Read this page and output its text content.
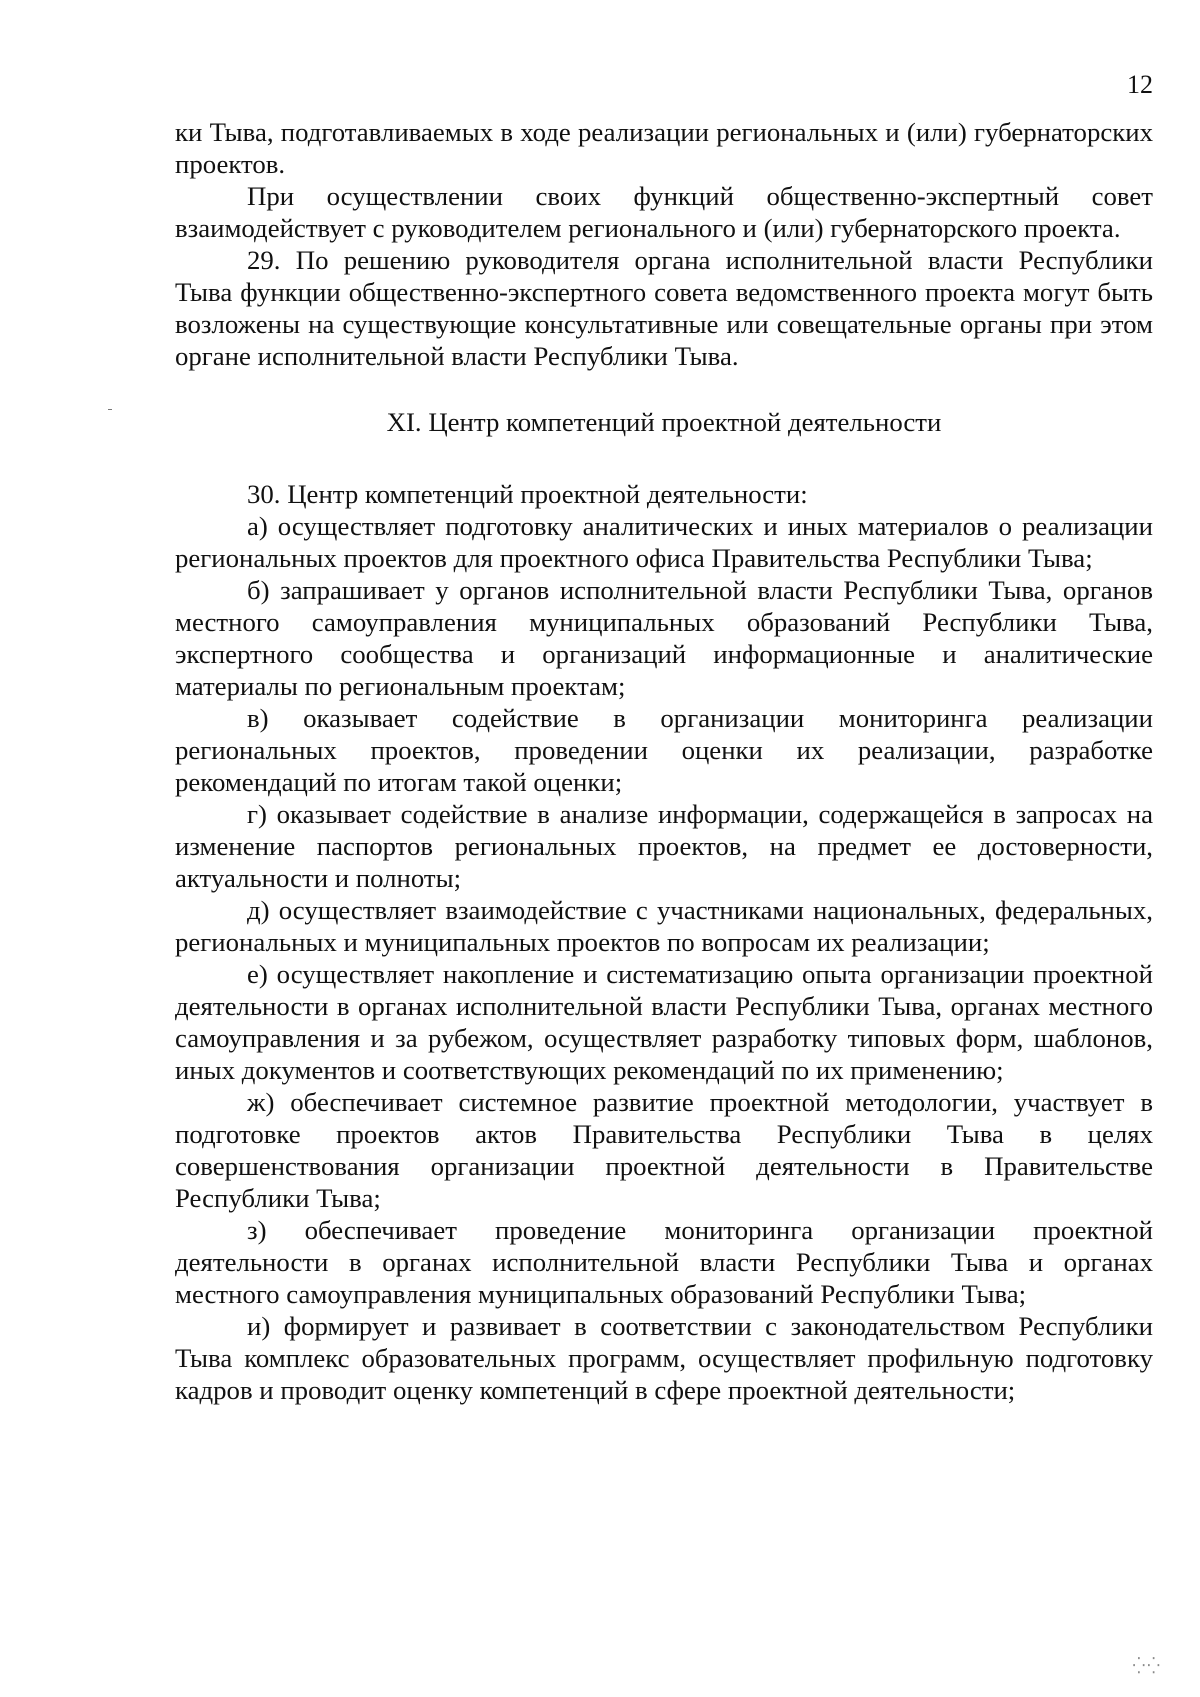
12

ки Тыва, подготавливаемых в ходе реализации региональных и (или) губернаторских проектов.

При осуществлении своих функций общественно-экспертный совет взаимодействует с руководителем регионального и (или) губернаторского проекта.

29. По решению руководителя органа исполнительной власти Республики Тыва функции общественно-экспертного совета ведомственного проекта могут быть возложены на существующие консультативные или совещательные органы при этом органе исполнительной власти Республики Тыва.

XI. Центр компетенций проектной деятельности

30. Центр компетенций проектной деятельности:

а) осуществляет подготовку аналитических и иных материалов о реализации региональных проектов для проектного офиса Правительства Республики Тыва;

б) запрашивает у органов исполнительной власти Республики Тыва, органов местного самоуправления муниципальных образований Республики Тыва, экспертного сообщества и организаций информационные и аналитические материалы по региональным проектам;

в) оказывает содействие в организации мониторинга реализации региональных проектов, проведении оценки их реализации, разработке рекомендаций по итогам такой оценки;

г) оказывает содействие в анализе информации, содержащейся в запросах на изменение паспортов региональных проектов, на предмет ее достоверности, актуальности и полноты;

д) осуществляет взаимодействие с участниками национальных, федеральных, региональных и муниципальных проектов по вопросам их реализации;

е) осуществляет накопление и систематизацию опыта организации проектной деятельности в органах исполнительной власти Республики Тыва, органах местного самоуправления и за рубежом, осуществляет разработку типовых форм, шаблонов, иных документов и соответствующих рекомендаций по их применению;

ж) обеспечивает системное развитие проектной методологии, участвует в подготовке проектов актов Правительства Республики Тыва в целях совершенствования организации проектной деятельности в Правительстве Республики Тыва;

з) обеспечивает проведение мониторинга организации проектной деятельности в органах исполнительной власти Республики Тыва и органах местного самоуправления муниципальных образований Республики Тыва;

и) формирует и развивает в соответствии с законодательством Республики Тыва комплекс образовательных программ, осуществляет профильную подготовку кадров и проводит оценку компетенций в сфере проектной деятельности;

⁛⁛
